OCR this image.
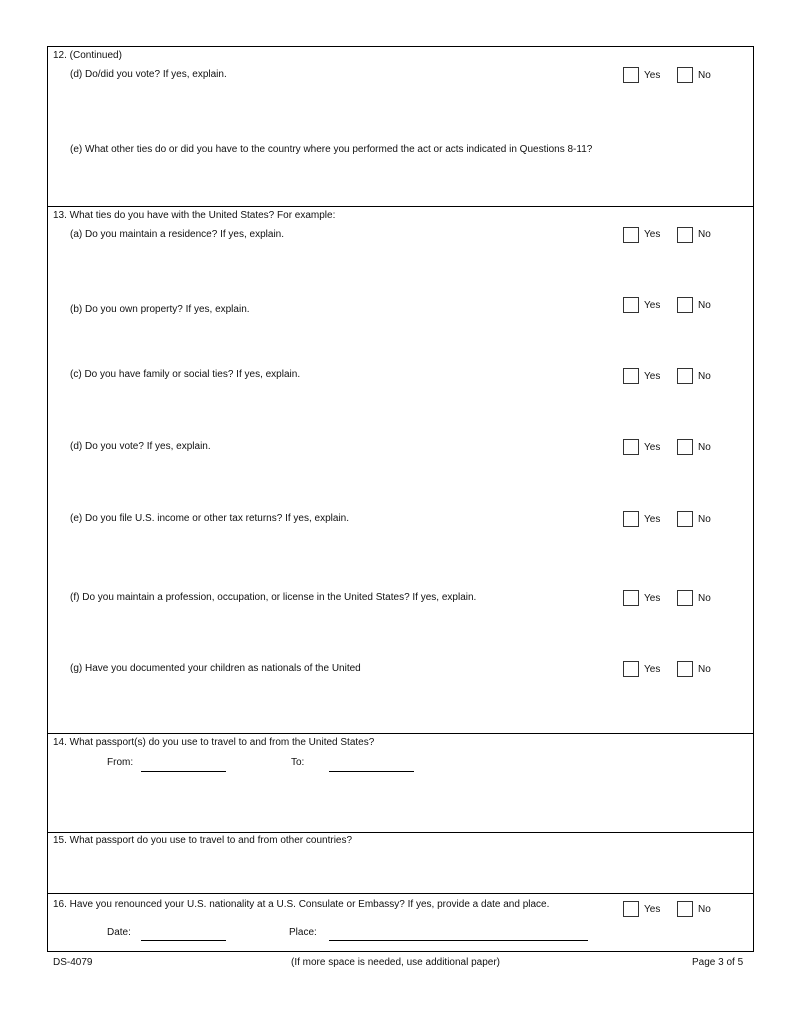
12. (Continued)
(d) Do/did you vote? If yes, explain.	Yes	No
(e) What other ties do or did you have to the country where you performed the act or acts indicated in Questions 8-11?
13. What ties do you have with the United States? For example:
(a) Do you maintain a residence? If yes, explain.	Yes	No
(b) Do you own property? If yes, explain.	Yes	No
(c) Do you have family or social ties? If yes, explain.	Yes	No
(d) Do you vote? If yes, explain.	Yes	No
(e) Do you file U.S. income or other tax returns? If yes, explain.	Yes	No
(f) Do you maintain a profession, occupation, or license in the United States? If yes, explain.	Yes	No
(g) Have you documented your children as nationals of the United	Yes	No
14. What passport(s) do you use to travel to and from the United States?
From:	To:
15. What passport do you use to travel to and from other countries?
16. Have you renounced your U.S. nationality at a U.S. Consulate or Embassy? If yes, provide a date and place.	Yes	No
Date:	Place:
DS-4079	(If more space is needed, use additional paper)	Page 3 of 5
